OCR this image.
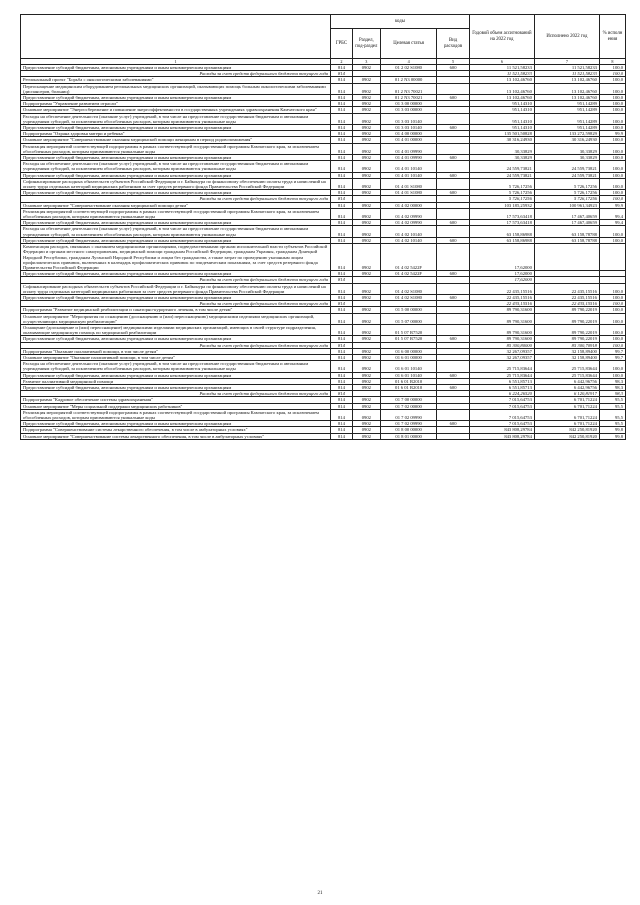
	коды				Годовой объем ассигнований на 2022 год	Исполнено 2022 год	% исполн ения
	ГРБС	Раздел, под-раздел	Целевая статья	Вид расходов			
1	2	3	4	5	6	7	8
Предоставление субсидий бюджетным, автономным учреждениям и иным некоммерческим организациям	814	0902	01 2 02 S1080	600	11 521,58233	11 521,58233	100,0
Расходы за счет средств федерального бюджета текущего года	814				11 521,58233	11 521,58233	100,0
Региональный проект "Борьба с онкологическими заболеваниями"	814	0902	01 2 N3 00000		13 102,46760	13 102,46760	100,0
Переоснащение медицинским оборудованием региональных медицинских организаций, оказывающих помощь больным онкологическими заболеваниями (диспансеров, больниц)	814	0902	01 2 N3 70021		13 102,46760	13 102,46760	100,0
Предоставление субсидий бюджетным, автономным учреждениям и иным некоммерческим организациям	814	0902	01 2 N3 70021	600	13 102,46760	13 102,46760	100,0
Подпрограмма "Управление развитием отрасли"	814	0902	01 3 00 00000		951,14310	951,14289	100,0
Основное мероприятие "Энергосбережение и повышение энергоэффективности в государственных учреждениях здравоохранения Камчатского края"	814	0902	01 3 03 00000		951,14310	951,14289	100,0
Расходы на обеспечение деятельности (оказание услуг) учреждений, в том числе на предоставление государственным бюджетным и автономным учреждениям субсидий, за исключением обособленных расходов, которым присваиваются уникальные коды	814	0902	01 3 03 10140		951,14310	951,14289	100,0
Предоставление субсидий бюджетным, автономным учреждениям и иным некоммерческим организациям	814	0902	01 3 03 10140	600	951,14310	951,14289	100,0
Подпрограмма "Охрана здоровья матери и ребенка"	814	0902	01 4 00 00000		135 501,50828	133 272,59829	99,9
Основное мероприятие "Совершенствование оказания медицинской помощи женщинам в период родовспоможения"	814	0902	01 4 01 00000		30 316,24930	30 316,24930	100,0
Реализация мероприятий соответствующей подпрограммы в рамках соответствующей государственной программы Камчатского края, за исключением обособленных расходов, которым присваиваются уникальные коды	814	0902	01 4 01 09990		30,33829	30,33829	100,0
Предоставление субсидий бюджетным, автономным учреждениям и иным некоммерческим организациям	814	0902	01 4 01 09990	600	30,33829	30,33829	100,0
Расходы на обеспечение деятельности (оказание услуг) учреждений, в том числе на предоставление государственным бюджетным и автономным учреждениям субсидий, за исключением обособленных расходов, которым присваиваются уникальные коды	814	0902	01 4 01 10140		24 559,73821	24 559,73821	100,0
Предоставление субсидий бюджетным, автономным учреждениям и иным некоммерческим организациям	814	0902	01 4 01 10140	600	24 559,73821	24 559,73821	100,0
Софинансирование расходных обязательств субъектов Российской Федерации и г. Байконура по финансовому обеспечению оплаты труда и начислений на оплату труда отдельных категорий медицинских работников за счет средств резервного фонда Правительства Российской Федерации	814	0902	01 4 01 S1080		5 726,17256	5 726,17256	100,0
Предоставление субсидий бюджетным, автономным учреждениям и иным некоммерческим организациям	814	0902	01 4 01 S1080	600	5 726,17256	5 726,17256	100,0
Расходы за счет средств федерального бюджета текущего года	814				5 726,17256	5 726,17256	100,0
Основное мероприятие "Совершенствование оказания медицинской помощи детям"	814	0902	01 4 02 00000		103 185,25932	100 961,34923	99,9
Реализация мероприятий соответствующей подпрограммы в рамках соответствующей государственной программы Камчатского края, за исключением обособленных расходов, которым присваиваются уникальные коды	814	0902	01 4 02 09990		17 573,63418	17 467,40659	99,4
Предоставление субсидий бюджетным, автономным учреждениям и иным некоммерческим организациям	814	0902	01 4 02 09990	600	17 573,63418	17 467,40659	99,4
Расходы на обеспечение деятельности (оказание услуг) учреждений, в том числе на предоставление государственным бюджетным и автономным учреждениям субсидий, за исключением обособленных расходов, которым присваиваются уникальные коды	814	0902	01 4 02 10140		63 158,86988	63 158,78788	100,0
Предоставление субсидий бюджетным, автономным учреждениям и иным некоммерческим организациям	814	0902	01 4 02 10140	600	63 158,86988	63 158,78788	100,0
Компенсация расходов, связанных с оказанием медицинскими организациями, подведомственными органам исполнительной власти субъектов Российской Федерации и органам местного самоуправления, медицинской помощи гражданам Российской Федерации, гражданам Украины, гражданам Донецкой Народной Республики, гражданам Луганской Народной Республики и лицам без гражданства, а также затрат по проведению указанным лицам профилактических прививок, включенных в календарь профилактических прививок по эпидемическим показаниям, за счет средств резервного фонда Правительства Российской Федерации	814	0902	01 4 02 5422F		17,62000		
Предоставление субсидий бюджетным, автономным учреждениям и иным некоммерческим организациям	814	0902	01 4 02 5422F	600	17,62000		
Расходы за счет средств федерального бюджета текущего года	814				17,62000		
Софинансирование расходных обязательств субъектов Российской Федерации и г. Байконура по финансовому обеспечению оплаты труда и начислений на оплату труда отдельных категорий медицинских работников за счет средств резервного фонда Правительства Российской Федерации	814	0902	01 4 02 S1080		22 435,15516	22 435,15516	100,0
Предоставление субсидий бюджетным, автономным учреждениям и иным некоммерческим организациям	814	0902	01 4 02 S1080	600	22 435,15516	22 435,15516	100,0
Расходы за счет средств федерального бюджета текущего года	814				22 435,15516	22 435,15516	100,0
Подпрограмма "Развитие медицинской реабилитации и санаторно-курортного лечения, в том числе детям"	814	0902	01 5 00 00000		89 790,31600	89 790,22019	100,0
Основное мероприятие "Мероприятия по оснащению (дооснащению и (или) переоснащению) медицинскими изделиями медицинских организаций, осуществляющих медицинскую реабилитацию"	814	0902	01 5 07 00000		89 790,31600	89 790,22019	100,0
Оснащение (дооснащение и (или) переоснащение) медицинскими изделиями медицинских организаций, имеющих в своей структуре подразделения, оказывающие медицинскую помощь по медицинской реабилитации	814	0902	01 5 07 R7520		89 790,31600	89 790,22019	100,0
Предоставление субсидий бюджетным, автономным учреждениям и иным некоммерческим организациям	814	0902	01 5 07 R7520	600	89 790,31600	89 790,22019	100,0
Расходы за счет средств федерального бюджета текущего года	814				85 300,80000	85 300,70918	100,0
Подпрограмма "Оказание паллиативной помощи, в том числе детям"	814	0902	01 6 00 00000		32 267,09357	32 158,89400	99,7
Основное мероприятие "Оказание паллиативной помощи, в том числе детям"	814	0902	01 6 01 00000		32 267,09357	32 158,89400	99,7
Расходы на обеспечение деятельности (оказание услуг) учреждений, в том числе на предоставление государственным бюджетным и автономным учреждениям субсидий, за исключением обособленных расходов, которым присваиваются уникальные коды	814	0902	01 6 01 10140		25 715,83644	25 715,83644	100,0
Предоставление субсидий бюджетным, автономным учреждениям и иным некоммерческим организациям	814	0902	01 6 01 10140	600	25 715,83644	25 715,83644	100,0
Развитие паллиативной медицинской помощи	814	0902	01 6 01 R2010		6 551,85713	6 442,96756	98,3
Предоставление субсидий бюджетным, автономным учреждениям и иным некоммерческим организациям	814	0902	01 6 01 R2010	600	6 551,85713	6 442,96756	98,3
Расходы за счет средств федерального бюджета текущего года	814				6 224,26520	6 120,81917	98,3
Подпрограмма "Кадровое обеспечение системы здравоохранения"	814	0902	01 7 00 00000		7 015,64753	6 701,71224	95,5
Основное мероприятие "Меры социальной поддержки медицинских работников"	814	0902	01 7 02 00000		7 015,64753	6 701,71224	95,5
Реализация мероприятий соответствующей подпрограммы в рамках соответствующей государственной программы Камчатского края, за исключением обособленных расходов, которым присваиваются уникальные коды	814	0902	01 7 02 09990		7 015,64753	6 701,71224	95,5
Предоставление субсидий бюджетным, автономным учреждениям и иным некоммерческим организациям	814	0902	01 7 02 09990	600	7 015,64753	6 701,71224	95,5
Подпрограмма "Совершенствование системы лекарственного обеспечения, в том числе в амбулаторных условиях"	814	0902	01 8 00 00000		843 808,29784	842 250,81920	99,8
Основное мероприятие "Совершенствование системы лекарственного обеспечения, в том числе в амбулаторных условиях"	814	0902	01 8 01 00000		843 808,29784	842 250,81920	99,8
21
